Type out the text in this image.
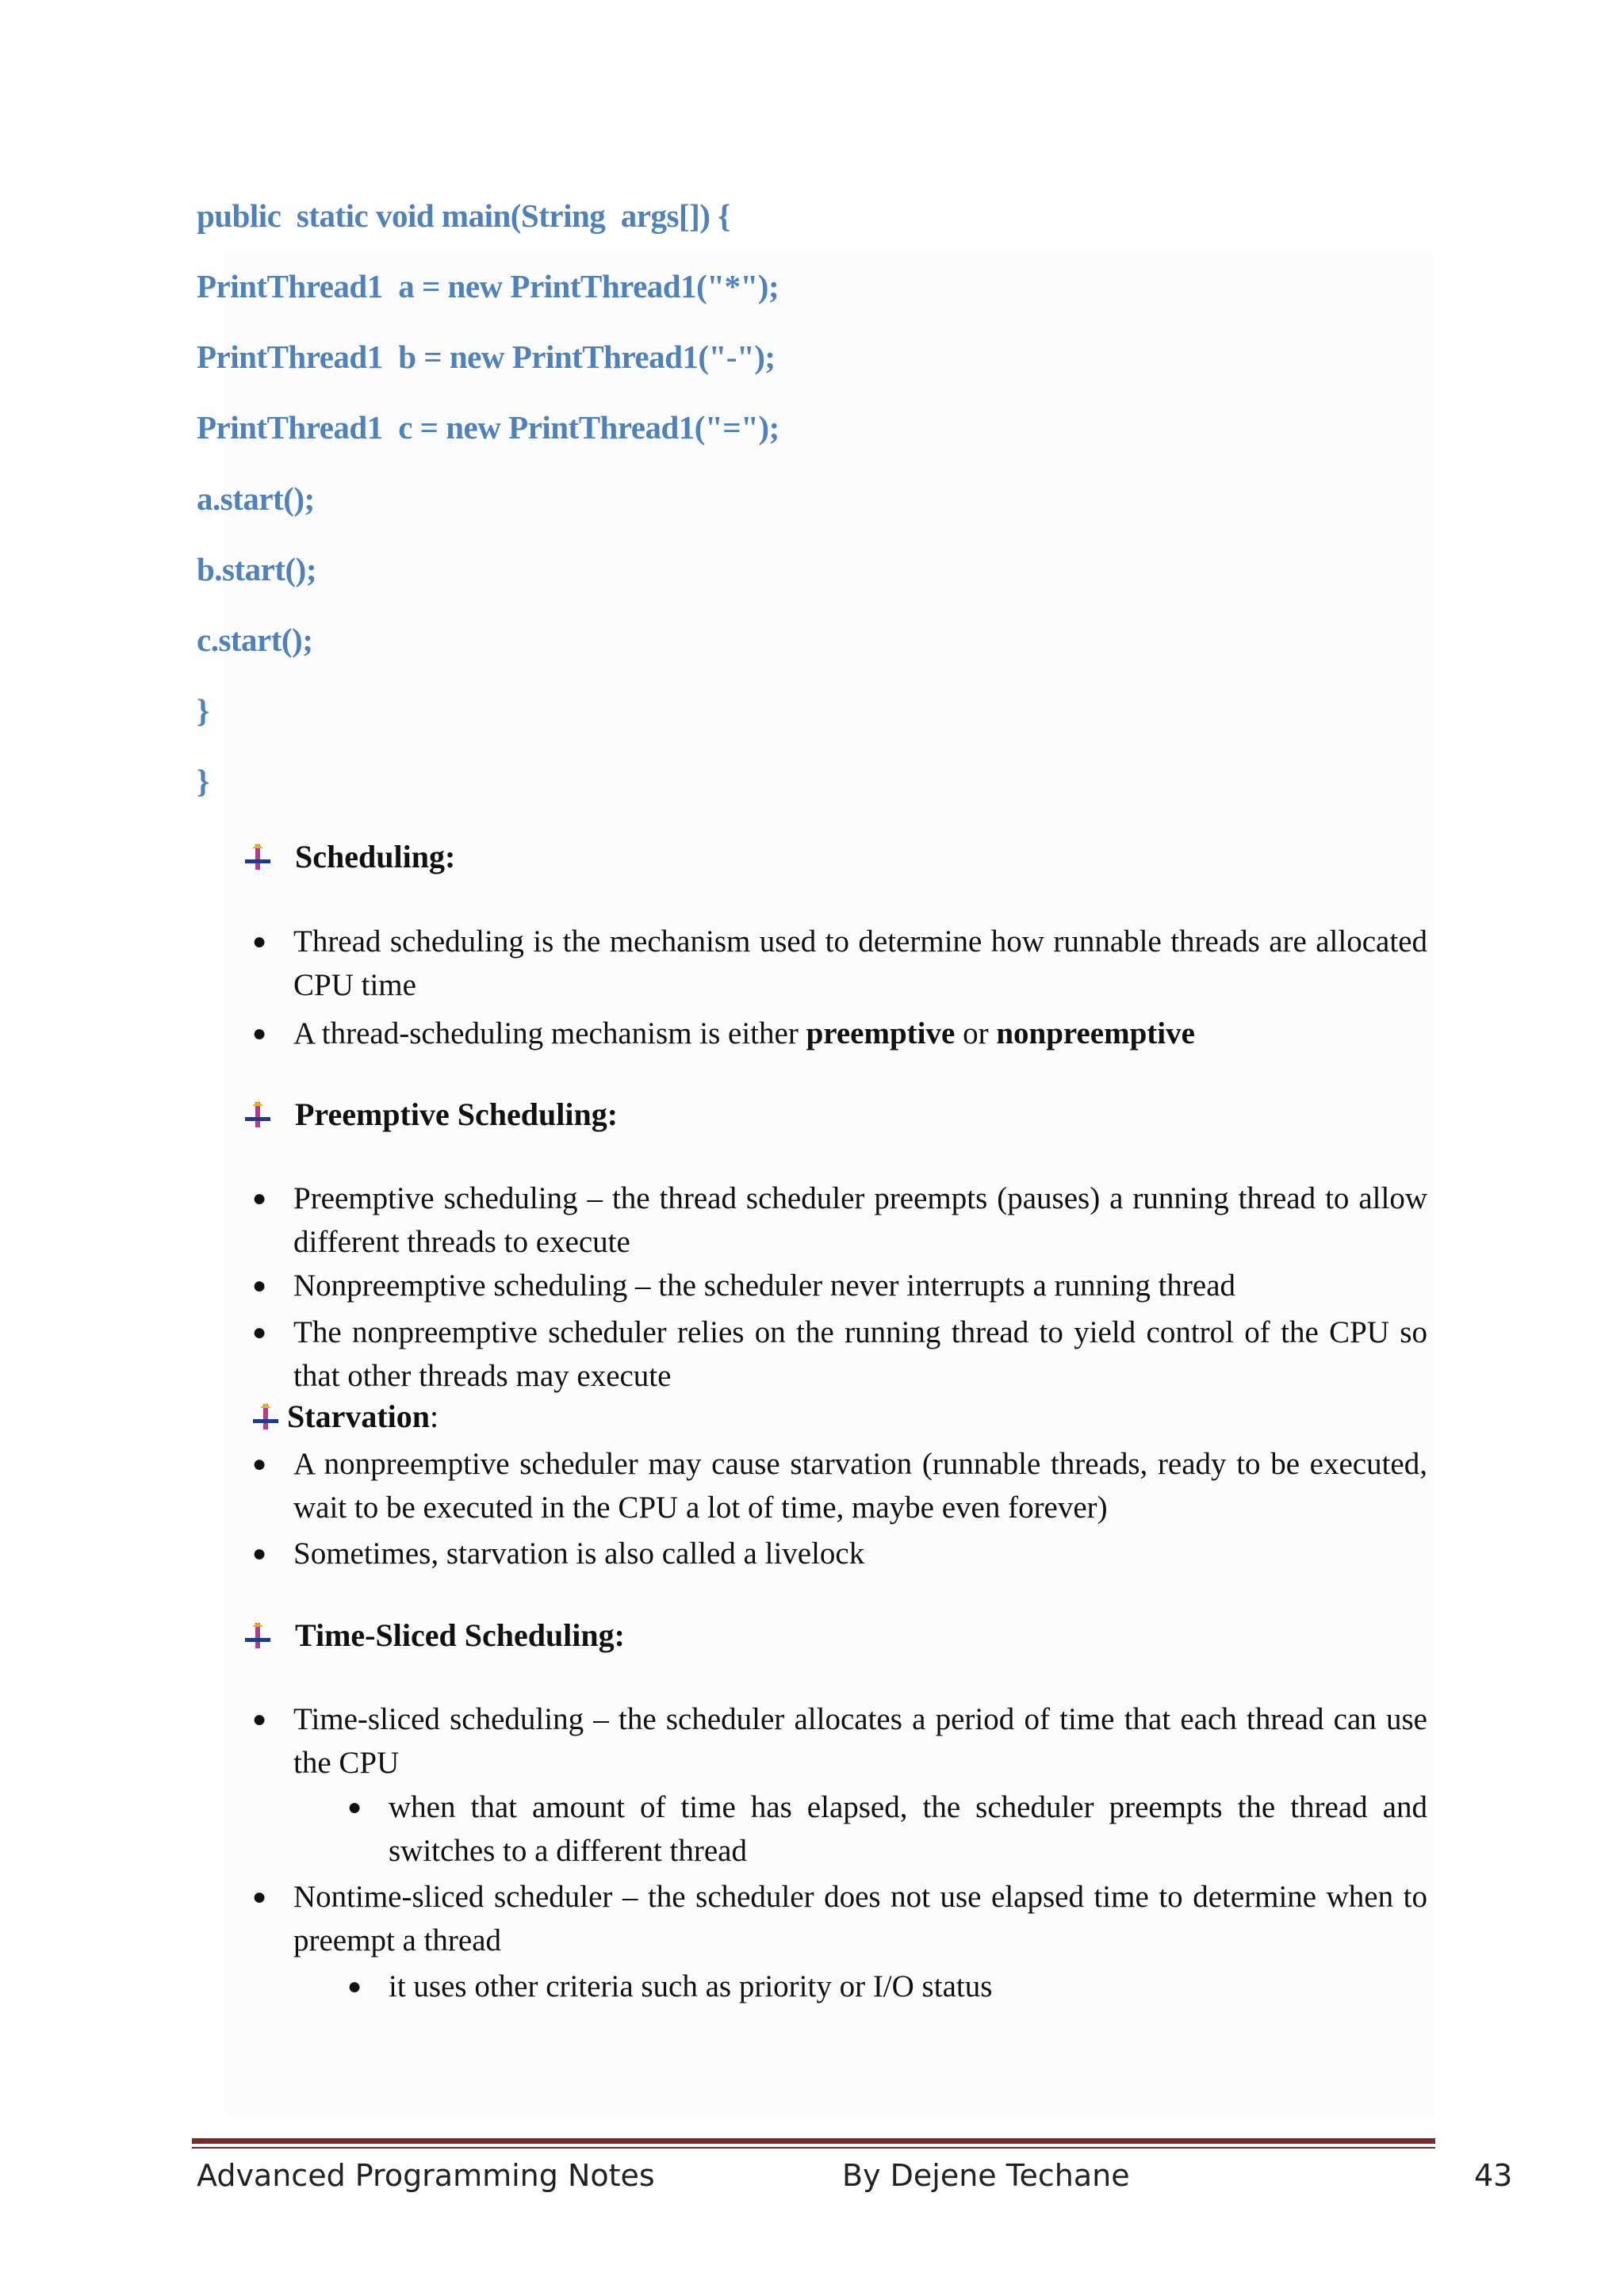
public  static void main(String  args[]) {
PrintThread1  a = new PrintThread1("*");
PrintThread1  b = new PrintThread1("-");
PrintThread1  c = new PrintThread1("=");
a.start();
b.start();
c.start();
}
}
Scheduling:
● Thread scheduling is the mechanism used to determine how runnable threads are allocated CPU time
● A thread-scheduling mechanism is either preemptive or nonpreemptive
Preemptive Scheduling:
● Preemptive scheduling – the thread scheduler preempts (pauses) a running thread to allow different threads to execute
● Nonpreemptive scheduling – the scheduler never interrupts a running thread
● The nonpreemptive scheduler relies on the running thread to yield control of the CPU so that other threads may execute
Starvation :
● A nonpreemptive scheduler may cause starvation (runnable threads, ready to be executed, wait to be executed in the CPU a lot of time, maybe even forever)
● Sometimes, starvation is also called a livelock
Time-Sliced Scheduling:
● Time-sliced scheduling – the scheduler allocates a period of time that each thread can use the CPU
● when that amount of time has elapsed, the scheduler preempts the thread and switches to a different thread
● Nontime-sliced scheduler – the scheduler does not use elapsed time to determine when to preempt a thread
● it uses other criteria such as priority or I/O status
Advanced Programming Notes	By Dejene Techane	43
